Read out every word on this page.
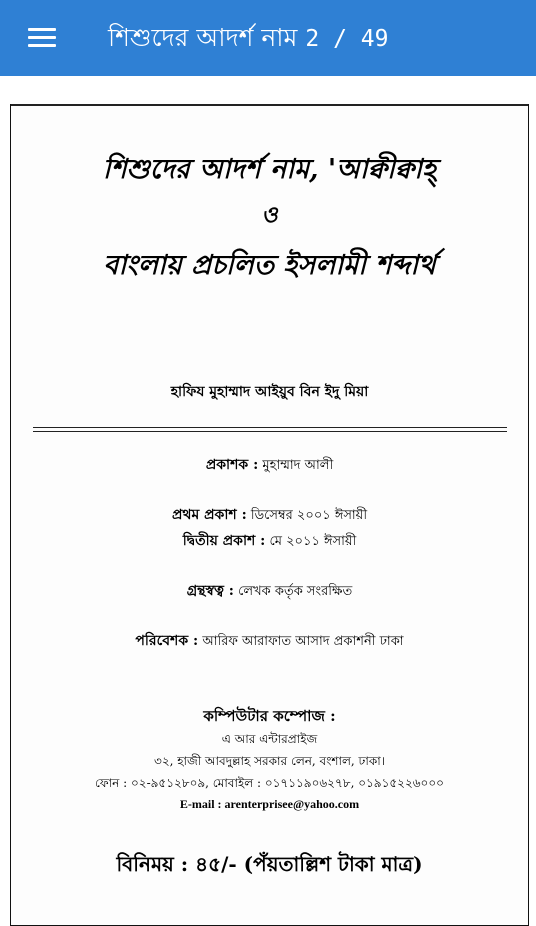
শিশুদের আদর্শ নাম 2 / 49
শিশুদের আদর্শ নাম, 'আক্বীক্বাহ্
ও
বাংলায় প্রচলিত ইসলামী শব্দার্থ
হাফিয মুহাম্মাদ আইয়ুব বিন ইদু মিয়া
প্রকাশক : মুহাম্মাদ আলী
প্রথম প্রকাশ : ডিসেম্বর ২০০১ ঈসায়ী
দ্বিতীয় প্রকাশ : মে ২০১১ ঈসায়ী
গ্রন্থস্বত্ব : লেখক কর্তৃক সংরক্ষিত
পরিবেশক : আরিফ আরাফাত আসাদ প্রকাশনী ঢাকা
কম্পিউটার কম্পোজ :
এ আর এন্টারপ্রাইজ
৩২, হাজী আবদুল্লাহ সরকার লেন, বংশাল, ঢাকা।
ফোন : ০২-৯৫১২৮০৯, মোবাইল : ০১৭১১৯০৬২৭৮, ০১৯১৫২২৬০০০
E-mail : arenterprisee@yahoo.com
বিনিময় : ৪৫/- (পঁয়তাল্লিশ টাকা মাত্র)
